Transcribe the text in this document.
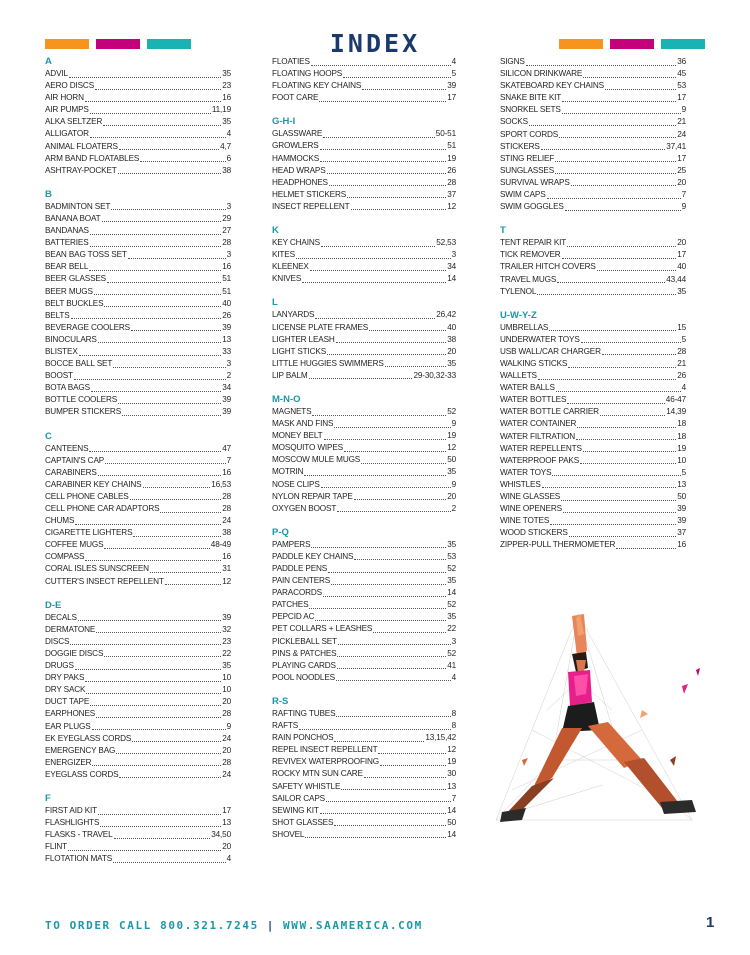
INDEX
A
ADVIL	35
AERO DISCS	23
AIR HORN	16
AIR PUMPS	11,19
ALKA SELTZER	35
ALLIGATOR	4
ANIMAL FLOATERS	4,7
ARM BAND FLOATABLES	6
ASHTRAY-POCKET	38
B
BADMINTON SET	3
BANANA BOAT	29
BANDANAS	27
BATTERIES	28
BEAN BAG TOSS SET	3
BEAR BELL	16
BEER GLASSES	51
BEER MUGS	51
BELT BUCKLES	40
BELTS	26
BEVERAGE COOLERS	39
BINOCULARS	13
BLISTEX	33
BOCCE BALL SET	3
BOOST	2
BOTA BAGS	34
BOTTLE COOLERS	39
BUMPER STICKERS	39
C
CANTEENS	47
CAPTAIN'S CAP	7
CARABINERS	16
CARABINER KEY CHAINS	16,53
CELL PHONE CABLES	28
CELL PHONE CAR ADAPTORS	28
CHUMS	24
CIGARETTE LIGHTERS	38
COFFEE MUGS	48-49
COMPASS	16
CORAL ISLES SUNSCREEN	31
CUTTER'S INSECT REPELLENT	12
D-E
DECALS	39
DERMATONE	32
DISCS	23
DOGGIE DISCS	22
DRUGS	35
DRY PAKS	10
DRY SACK	10
DUCT TAPE	20
EARPHONES	28
EAR PLUGS	9
EK EYEGLASS CORDS	24
EMERGENCY BAG	20
ENERGIZER	28
EYEGLASS CORDS	24
F
FIRST AID KIT	17
FLASHLIGHTS	13
FLASKS - TRAVEL	34,50
FLINT	20
FLOTATION MATS	4
FLOATIES	4
FLOATING HOOPS	5
FLOATING KEY CHAINS	39
FOOT CARE	17
G-H-I
GLASSWARE	50-51
GROWLERS	51
HAMMOCKS	19
HEAD WRAPS	26
HEADPHONES	28
HELMET STICKERS	37
INSECT REPELLENT	12
K
KEY CHAINS	52,53
KITES	3
KLEENEX	34
KNIVES	14
L
LANYARDS	26,42
LICENSE PLATE FRAMES	40
LIGHTER LEASH	38
LIGHT STICKS	20
LITTLE HUGGIES SWIMMERS	35
LIP BALM	29-30,32-33
M-N-O
MAGNETS	52
MASK AND FINS	9
MONEY BELT	19
MOSQUITO WIPES	12
MOSCOW MULE MUGS	50
MOTRIN	35
NOSE CLIPS	9
NYLON REPAIR TAPE	20
OXYGEN BOOST	2
P-Q
PAMPERS	35
PADDLE KEY CHAINS	53
PADDLE PENS	52
PAIN CENTERS	35
PARACORDS	14
PATCHES	52
PEPCID AC	35
PET COLLARS + LEASHES	22
PICKLEBALL SET	3
PINS & PATCHES	52
PLAYING CARDS	41
POOL NOODLES	4
R-S
RAFTING TUBES	8
RAFTS	8
RAIN PONCHOS	13,15,42
REPEL INSECT REPELLENT	12
REVIVEX WATERPROOFING	19
ROCKY MTN SUN CARE	30
SAFETY WHISTLE	13
SAILOR CAPS	7
SEWING KIT	14
SHOT GLASSES	50
SHOVEL	14
SIGNS	36
SILICON DRINKWARE	45
SKATEBOARD KEY CHAINS	53
SNAKE BITE KIT	17
SNORKEL SETS	9
SOCKS	21
SPORT CORDS	24
STICKERS	37,41
STING RELIEF	17
SUNGLASSES	25
SURVIVAL WRAPS	20
SWIM CAPS	7
SWIM GOGGLES	9
T
TENT REPAIR KIT	20
TICK REMOVER	17
TRAILER HITCH COVERS	40
TRAVEL MUGS	43,44
TYLENOL	35
U-W-Y-Z
UMBRELLAS	15
UNDERWATER TOYS	5
USB WALL/CAR CHARGER	28
WALKING STICKS	21
WALLETS	26
WATER BALLS	4
WATER BOTTLES	46-47
WATER BOTTLE CARRIER	14,39
WATER CONTAINER	18
WATER FILTRATION	18
WATER REPELLENTS	19
WATERPROOF PAKS	10
WATER TOYS	5
WHISTLES	13
WINE GLASSES	50
WINE OPENERS	39
WINE TOTES	39
WOOD STICKERS	37
ZIPPER-PULL THERMOMETER	16
TO ORDER CALL 800.321.7245 | WWW.SAAMERICA.COM	1
